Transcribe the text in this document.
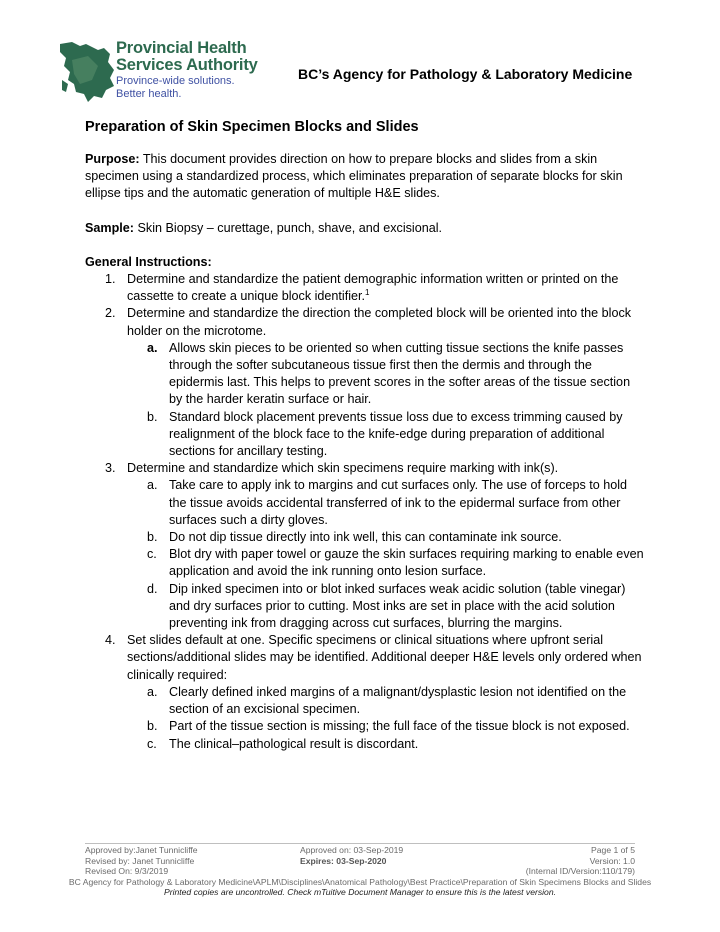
Provincial Health
Services Authority
Province-wide solutions.
Better health.
BC’s Agency for Pathology & Laboratory Medicine
Preparation of Skin Specimen Blocks and Slides

Purpose: This document provides direction on how to prepare blocks and slides from a skin specimen using a standardized process, which eliminates preparation of separate blocks for skin ellipse tips and the automatic generation of multiple H&E slides.

Sample: Skin Biopsy – curettage, punch, shave, and excisional.

General Instructions:
1. Determine and standardize the patient demographic information written or printed on the cassette to create a unique block identifier.$^1$
2. Determine and standardize the direction the completed block will be oriented into the block holder on the microtome.
a. Allows skin pieces to be oriented so when cutting tissue sections the knife passes through the softer subcutaneous tissue first then the dermis and through the epidermis last. This helps to prevent scores in the softer areas of the tissue section by the harder keratin surface or hair.
b. Standard block placement prevents tissue loss due to excess trimming caused by realignment of the block face to the knife-edge during preparation of additional sections for ancillary testing.
3. Determine and standardize which skin specimens require marking with ink(s).
a. Take care to apply ink to margins and cut surfaces only. The use of forceps to hold the tissue avoids accidental transferred of ink to the epidermal surface from other surfaces such a dirty gloves.
b. Do not dip tissue directly into ink well, this can contaminate ink source.
c. Blot dry with paper towel or gauze the skin surfaces requiring marking to enable even application and avoid the ink running onto lesion surface.
d. Dip inked specimen into or blot inked surfaces weak acidic solution (table vinegar) and dry surfaces prior to cutting. Most inks are set in place with the acid solution preventing ink from dragging across cut surfaces, blurring the margins.
4. Set slides default at one. Specific specimens or clinical situations where upfront serial sections/additional slides may be identified. Additional deeper H&E levels only ordered when clinically required:
a. Clearly defined inked margins of a malignant/dysplastic lesion not identified on the section of an excisional specimen.
b. Part of the tissue section is missing; the full face of the tissue block is not exposed.
c. The clinical–pathological result is discordant.
Approved by:Janet Tunnicliffe	Approved on: 03-Sep-2019	Page 1 of 5
Revised by: Janet Tunnicliffe	Expires: 03-Sep-2020	Version: 1.0
Revised On: 9/3/2019	(Internal ID/Version:110/179)
BC Agency for Pathology & Laboratory Medicine\APLM\Disciplines\Anatomical Pathology\Best Practice\Preparation of Skin Specimens Blocks and Slides
Printed copies are uncontrolled. Check mTuitive Document Manager to ensure this is the latest version.
